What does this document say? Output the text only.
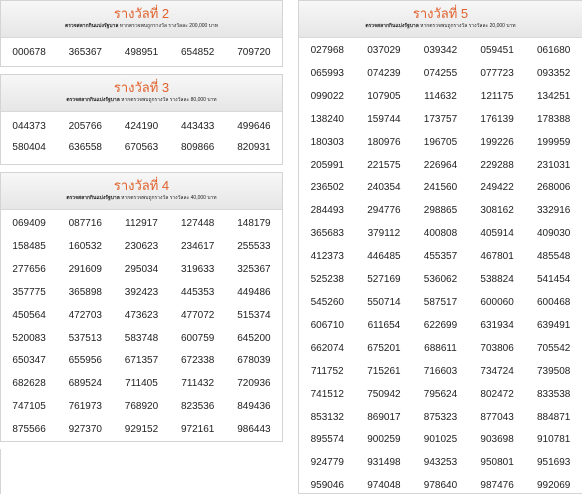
รางวัลที่ 2
ตรวจสลากกินแบ่งรัฐบาล หากตรวจพบถูกรางวัล รางวัลละ 200,000 บาท
000678	365367	498951	654852	709720
รางวัลที่ 3
ตรวจสลากกินแบ่งรัฐบาล หากตรวจพบถูกรางวัล รางวัลละ 80,000 บาท
044373	205766	424190	443433	499646
580404	636558	670563	809866	820931
รางวัลที่ 4
ตรวจสลากกินแบ่งรัฐบาล หากตรวจพบถูกรางวัล รางวัลละ 40,000 บาท
069409	087716	112917	127448	148179
158485	160532	230623	234617	255533
277656	291609	295034	319633	325367
357775	365898	392423	445353	449486
450564	472703	473623	477072	515374
520083	537513	583748	600759	645200
650347	655956	671357	672338	678039
682628	689524	711405	711432	720936
747105	761973	768920	823536	849436
875566	927370	929152	972161	986443
รางวัลที่ 5
ตรวจสลากกินแบ่งรัฐบาล หากตรวจพบถูกรางวัล รางวัลละ 20,000 บาท
027968	037029	039342	059451	061680
065993	074239	074255	077723	093352
099022	107905	114632	121175	134251
138240	159744	173757	176139	178388
180303	180976	196705	199226	199959
205991	221575	226964	229288	231031
236502	240354	241560	249422	268006
284493	294776	298865	308162	332916
365683	379112	400808	405914	409030
412373	446485	455357	467801	485548
525238	527169	536062	538824	541454
545260	550714	587517	600060	600468
606710	611654	622699	631934	639491
662074	675201	688611	703806	705542
711752	715261	716603	734724	739508
741512	750942	795624	802472	833538
853132	869017	875323	877043	884871
895574	900259	901025	903698	910781
924779	931498	943253	950801	951693
959046	974048	978640	987476	992069
